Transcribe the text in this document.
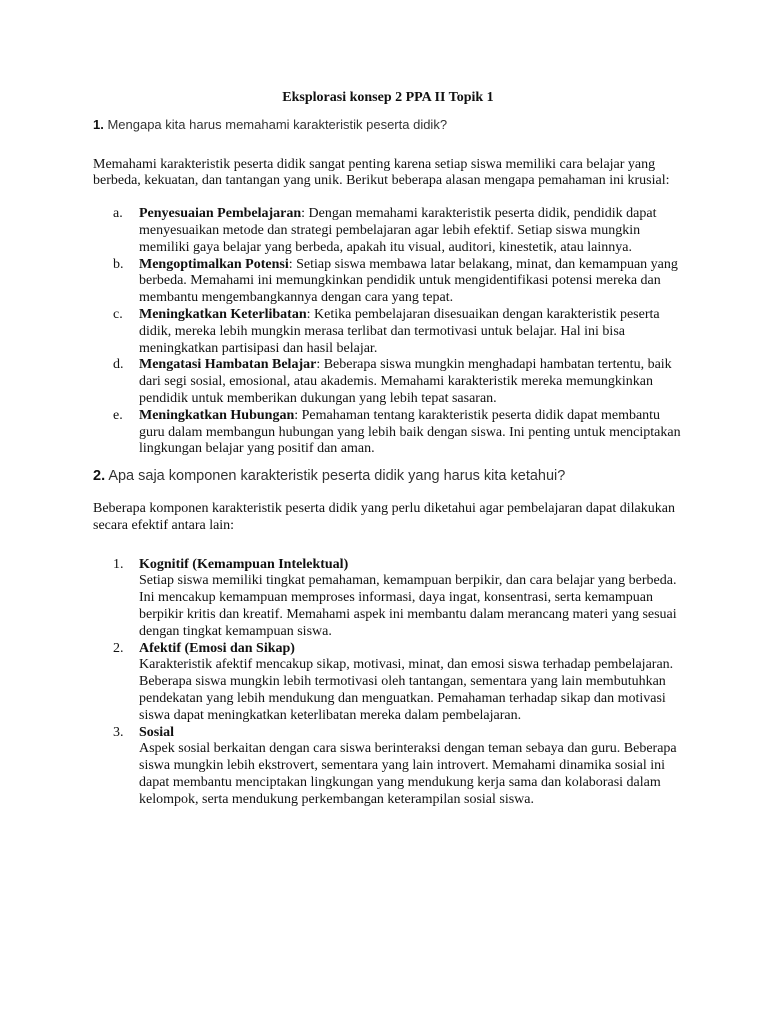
Eksplorasi konsep 2 PPA II Topik 1
1. Mengapa kita harus memahami karakteristik peserta didik?

Memahami karakteristik peserta didik sangat penting karena setiap siswa memiliki cara belajar yang berbeda, kekuatan, dan tantangan yang unik. Berikut beberapa alasan mengapa pemahaman ini krusial:

a. Penyesuaian Pembelajaran: Dengan memahami karakteristik peserta didik, pendidik dapat menyesuaikan metode dan strategi pembelajaran agar lebih efektif. Setiap siswa mungkin memiliki gaya belajar yang berbeda, apakah itu visual, auditori, kinestetik, atau lainnya.
b. Mengoptimalkan Potensi: Setiap siswa membawa latar belakang, minat, dan kemampuan yang berbeda. Memahami ini memungkinkan pendidik untuk mengidentifikasi potensi mereka dan membantu mengembangkannya dengan cara yang tepat.
c. Meningkatkan Keterlibatan: Ketika pembelajaran disesuaikan dengan karakteristik peserta didik, mereka lebih mungkin merasa terlibat dan termotivasi untuk belajar. Hal ini bisa meningkatkan partisipasi dan hasil belajar.
d. Mengatasi Hambatan Belajar: Beberapa siswa mungkin menghadapi hambatan tertentu, baik dari segi sosial, emosional, atau akademis. Memahami karakteristik mereka memungkinkan pendidik untuk memberikan dukungan yang lebih tepat sasaran.
e. Meningkatkan Hubungan: Pemahaman tentang karakteristik peserta didik dapat membantu guru dalam membangun hubungan yang lebih baik dengan siswa. Ini penting untuk menciptakan lingkungan belajar yang positif dan aman.
2. Apa saja komponen karakteristik peserta didik yang harus kita ketahui?

Beberapa komponen karakteristik peserta didik yang perlu diketahui agar pembelajaran dapat dilakukan secara efektif antara lain:

1. Kognitif (Kemampuan Intelektual)
Setiap siswa memiliki tingkat pemahaman, kemampuan berpikir, dan cara belajar yang berbeda. Ini mencakup kemampuan memproses informasi, daya ingat, konsentrasi, serta kemampuan berpikir kritis dan kreatif. Memahami aspek ini membantu dalam merancang materi yang sesuai dengan tingkat kemampuan siswa.
2. Afektif (Emosi dan Sikap)
Karakteristik afektif mencakup sikap, motivasi, minat, dan emosi siswa terhadap pembelajaran. Beberapa siswa mungkin lebih termotivasi oleh tantangan, sementara yang lain membutuhkan pendekatan yang lebih mendukung dan menguatkan. Pemahaman terhadap sikap dan motivasi siswa dapat meningkatkan keterlibatan mereka dalam pembelajaran.
3. Sosial
Aspek sosial berkaitan dengan cara siswa berinteraksi dengan teman sebaya dan guru. Beberapa siswa mungkin lebih ekstrovert, sementara yang lain introvert. Memahami dinamika sosial ini dapat membantu menciptakan lingkungan yang mendukung kerja sama dan kolaborasi dalam kelompok, serta mendukung perkembangan keterampilan sosial siswa.
